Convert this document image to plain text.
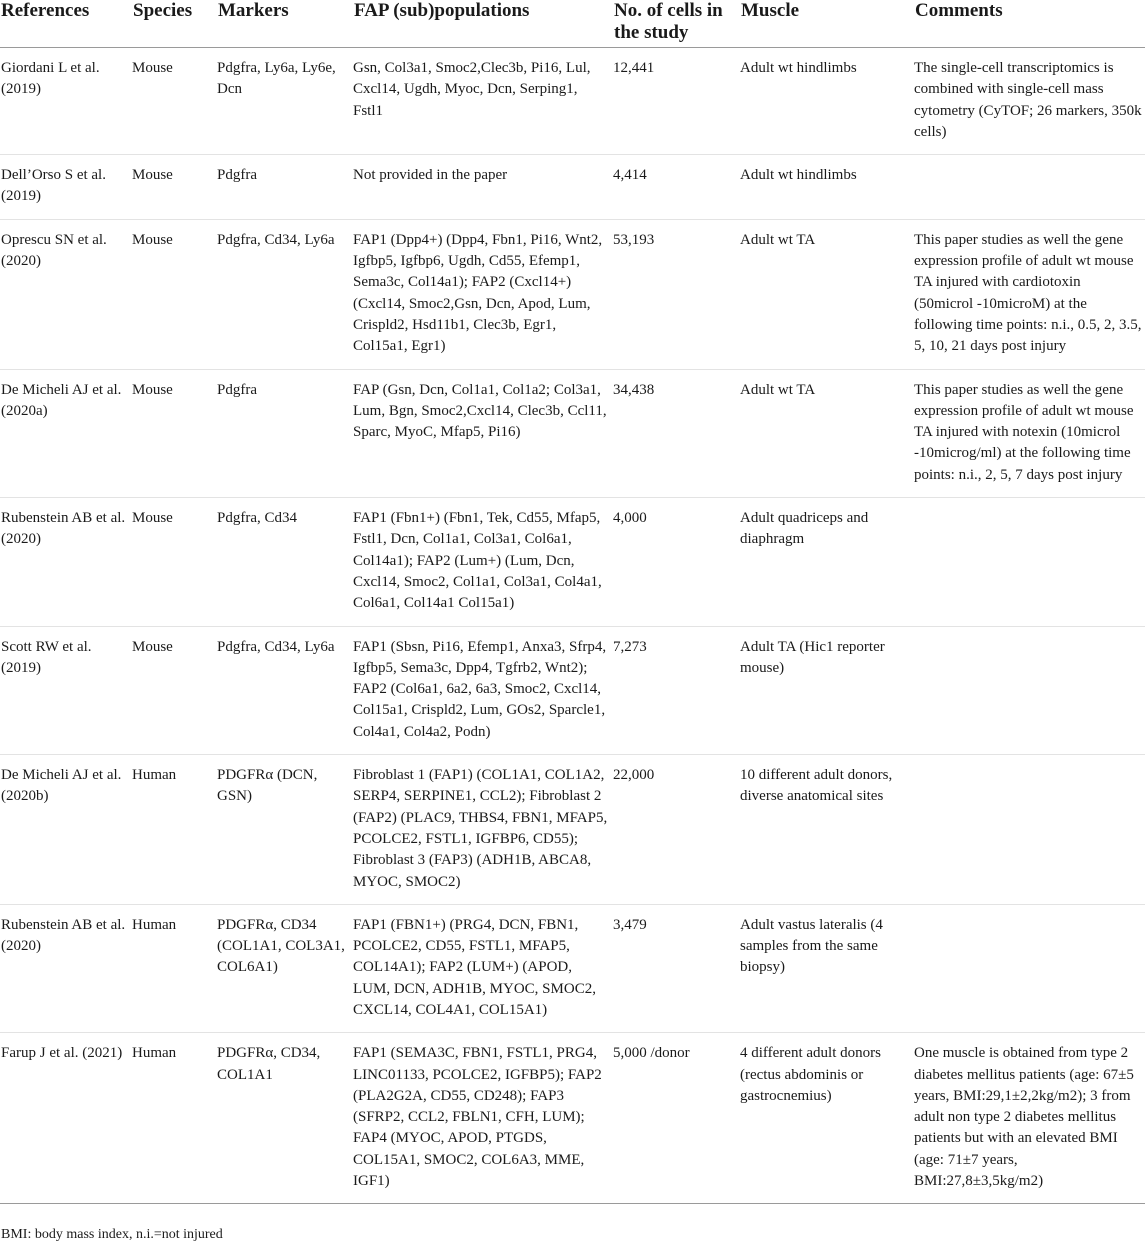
References	Species	Markers	FAP (sub)populations	No. of cells in the study	Muscle	Comments
Giordani L et al. (2019)	Mouse	Pdgfra, Ly6a, Ly6e, Dcn	Gsn, Col3a1, Smoc2,Clec3b, Pi16, Lul, Cxcl14, Ugdh, Myoc, Dcn, Serping1, Fstl1	12,441	Adult wt hindlimbs	The single-cell transcriptomics is combined with single-cell mass cytometry (CyTOF; 26 markers, 350k cells)
Dell’Orso S et al. (2019)	Mouse	Pdgfra	Not provided in the paper	4,414	Adult wt hindlimbs	
Oprescu SN et al. (2020)	Mouse	Pdgfra, Cd34, Ly6a	FAP1 (Dpp4+) (Dpp4, Fbn1, Pi16, Wnt2, Igfbp5, Igfbp6, Ugdh, Cd55, Efemp1, Sema3c, Col14a1); FAP2 (Cxcl14+) (Cxcl14, Smoc2,Gsn, Dcn, Apod, Lum, Crispld2, Hsd11b1, Clec3b, Egr1, Col15a1, Egr1)	53,193	Adult wt TA	This paper studies as well the gene expression profile of adult wt mouse TA injured with cardiotoxin (50microl -10microM) at the following time points: n.i., 0.5, 2, 3.5, 5, 10, 21 days post injury
De Micheli AJ et al. (2020a)	Mouse	Pdgfra	FAP (Gsn, Dcn, Col1a1, Col1a2; Col3a1, Lum, Bgn, Smoc2,Cxcl14, Clec3b, Ccl11, Sparc, MyoC, Mfap5, Pi16)	34,438	Adult wt TA	This paper studies as well the gene expression profile of adult wt mouse TA injured with notexin (10microl -10microg/ml) at the following time points: n.i., 2, 5, 7 days post injury
Rubenstein AB et al. (2020)	Mouse	Pdgfra, Cd34	FAP1 (Fbn1+) (Fbn1, Tek, Cd55, Mfap5, Fstl1, Dcn, Col1a1, Col3a1, Col6a1, Col14a1); FAP2 (Lum+) (Lum, Dcn, Cxcl14, Smoc2, Col1a1, Col3a1, Col4a1, Col6a1, Col14a1 Col15a1)	4,000	Adult quadriceps and diaphragm	
Scott RW et al. (2019)	Mouse	Pdgfra, Cd34, Ly6a	FAP1 (Sbsn, Pi16, Efemp1, Anxa3, Sfrp4, Igfbp5, Sema3c, Dpp4, Tgfrb2, Wnt2); FAP2 (Col6a1, 6a2, 6a3, Smoc2, Cxcl14, Col15a1, Crispld2, Lum, GOs2, Sparcle1, Col4a1, Col4a2, Podn)	7,273	Adult TA (Hic1 reporter mouse)	
De Micheli AJ et al. (2020b)	Human	PDGFRα (DCN, GSN)	Fibroblast 1 (FAP1) (COL1A1, COL1A2, SERP4, SERPINE1, CCL2); Fibroblast 2 (FAP2) (PLAC9, THBS4, FBN1, MFAP5, PCOLCE2, FSTL1, IGFBP6, CD55); Fibroblast 3 (FAP3) (ADH1B, ABCA8, MYOC, SMOC2)	22,000	10 different adult donors, diverse anatomical sites	
Rubenstein AB et al. (2020)	Human	PDGFRα, CD34 (COL1A1, COL3A1, COL6A1)	FAP1 (FBN1+) (PRG4, DCN, FBN1, PCOLCE2, CD55, FSTL1, MFAP5, COL14A1); FAP2 (LUM+) (APOD, LUM, DCN, ADH1B, MYOC, SMOC2, CXCL14, COL4A1, COL15A1)	3,479	Adult vastus lateralis (4 samples from the same biopsy)	
Farup J et al. (2021)	Human	PDGFRα, CD34, COL1A1	FAP1 (SEMA3C, FBN1, FSTL1, PRG4, LINC01133, PCOLCE2, IGFBP5); FAP2 (PLA2G2A, CD55, CD248); FAP3 (SFRP2, CCL2, FBLN1, CFH, LUM); FAP4 (MYOC, APOD, PTGDS, COL15A1, SMOC2, COL6A3, MME, IGF1)	5,000 /donor	4 different adult donors (rectus abdominis or gastrocnemius)	One muscle is obtained from type 2 diabetes mellitus patients (age: 67±5 years, BMI:29,1±2,2kg/m2); 3 from adult non type 2 diabetes mellitus patients but with an elevated BMI (age: 71±7 years, BMI:27,8±3,5kg/m2)
BMI: body mass index, n.i.=not injured
